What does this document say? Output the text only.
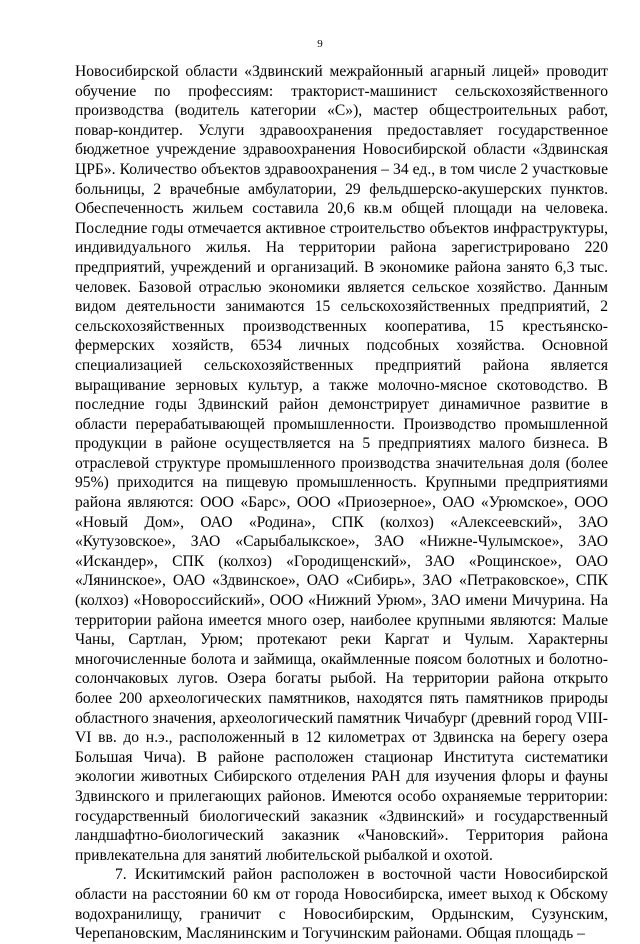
9

Новосибирской области «Здвинский межрайонный агарный лицей» проводит обучение по профессиям: тракторист-машинист сельскохозяйственного производства (водитель категории «С»), мастер общестроительных работ, повар-кондитер. Услуги здравоохранения предоставляет государственное бюджетное учреждение здравоохранения Новосибирской области «Здвинская ЦРБ». Количество объектов здравоохранения – 34 ед., в том числе 2 участковые больницы, 2 врачебные амбулатории, 29 фельдшерско-акушерских пунктов. Обеспеченность жильем составила 20,6 кв.м общей площади на человека. Последние годы отмечается активное строительство объектов инфраструктуры, индивидуального жилья. На территории района зарегистрировано 220 предприятий, учреждений и организаций. В экономике района занято 6,3 тыс. человек. Базовой отраслью экономики является сельское хозяйство. Данным видом деятельности занимаются 15 сельскохозяйственных предприятий, 2 сельскохозяйственных производственных кооператива, 15 крестьянско-фермерских хозяйств, 6534 личных подсобных хозяйства. Основной специализацией сельскохозяйственных предприятий района является выращивание зерновых культур, а также молочно-мясное скотоводство. В последние годы Здвинский район демонстрирует динамичное развитие в области перерабатывающей промышленности. Производство промышленной продукции в районе осуществляется на 5 предприятиях малого бизнеса. В отраслевой структуре промышленного производства значительная доля (более 95%) приходится на пищевую промышленность. Крупными предприятиями района являются: ООО «Барс», ООО «Приозерное», ОАО «Урюмское», ООО «Новый Дом», ОАО «Родина», СПК (колхоз) «Алексеевский», ЗАО «Кутузовское», ЗАО «Сарыбалыкское», ЗАО «Нижне-Чулымское», ЗАО «Искандер», СПК (колхоз) «Городищенский», ЗАО «Рощинское», ОАО «Лянинское», ОАО «Здвинское», ОАО «Сибирь», ЗАО «Петраковское», СПК (колхоз) «Новороссийский», ООО «Нижний Урюм», ЗАО имени Мичурина. На территории района имеется много озер, наиболее крупными являются: Малые Чаны, Сартлан, Урюм; протекают реки Каргат и Чулым. Характерны многочисленные болота и займища, окаймленные поясом болотных и болотно-солончаковых лугов. Озера богаты рыбой. На территории района открыто более 200 археологических памятников, находятся пять памятников природы областного значения, археологический памятник Чичабург (древний город VIII-VI вв. до н.э., расположенный в 12 километрах от Здвинска на берегу озера Большая Чича). В районе расположен стационар Института систематики экологии животных Сибирского отделения РАН для изучения флоры и фауны Здвинского и прилегающих районов. Имеются особо охраняемые территории: государственный биологический заказник «Здвинский» и государственный ландшафтно-биологический заказник «Чановский». Территория района привлекательна для занятий любительской рыбалкой и охотой.

7. Искитимский район расположен в восточной части Новосибирской области на расстоянии 60 км от города Новосибирска, имеет выход к Обскому водохранилищу, граничит с Новосибирским, Ордынским, Сузунским, Черепановским, Маслянинским и Тогучинским районами. Общая площадь –
